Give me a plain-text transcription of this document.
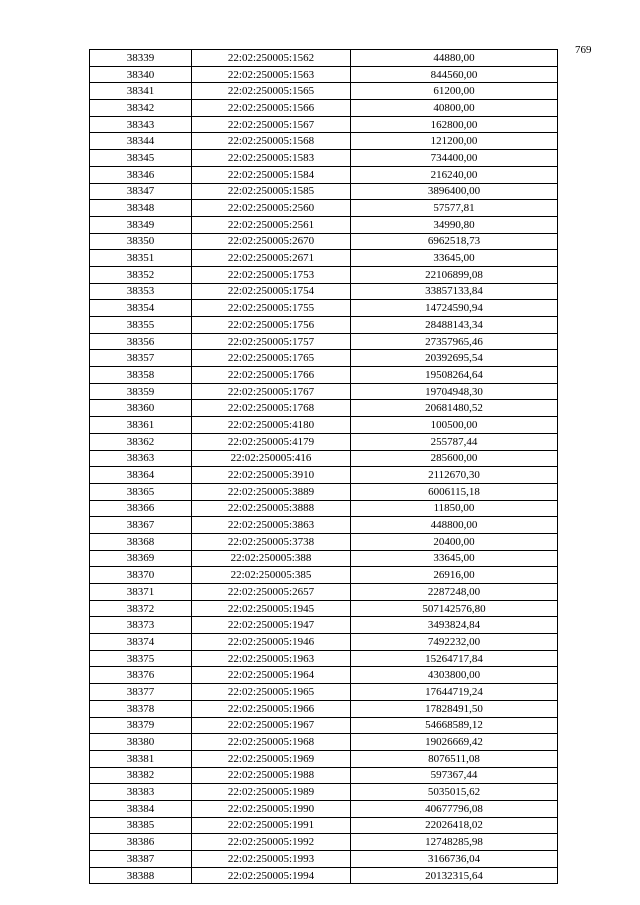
769
38339	22:02:250005:1562	44880,00
38340	22:02:250005:1563	844560,00
38341	22:02:250005:1565	61200,00
38342	22:02:250005:1566	40800,00
38343	22:02:250005:1567	162800,00
38344	22:02:250005:1568	121200,00
38345	22:02:250005:1583	734400,00
38346	22:02:250005:1584	216240,00
38347	22:02:250005:1585	3896400,00
38348	22:02:250005:2560	57577,81
38349	22:02:250005:2561	34990,80
38350	22:02:250005:2670	6962518,73
38351	22:02:250005:2671	33645,00
38352	22:02:250005:1753	22106899,08
38353	22:02:250005:1754	33857133,84
38354	22:02:250005:1755	14724590,94
38355	22:02:250005:1756	28488143,34
38356	22:02:250005:1757	27357965,46
38357	22:02:250005:1765	20392695,54
38358	22:02:250005:1766	19508264,64
38359	22:02:250005:1767	19704948,30
38360	22:02:250005:1768	20681480,52
38361	22:02:250005:4180	100500,00
38362	22:02:250005:4179	255787,44
38363	22:02:250005:416	285600,00
38364	22:02:250005:3910	2112670,30
38365	22:02:250005:3889	6006115,18
38366	22:02:250005:3888	11850,00
38367	22:02:250005:3863	448800,00
38368	22:02:250005:3738	20400,00
38369	22:02:250005:388	33645,00
38370	22:02:250005:385	26916,00
38371	22:02:250005:2657	2287248,00
38372	22:02:250005:1945	507142576,80
38373	22:02:250005:1947	3493824,84
38374	22:02:250005:1946	7492232,00
38375	22:02:250005:1963	15264717,84
38376	22:02:250005:1964	4303800,00
38377	22:02:250005:1965	17644719,24
38378	22:02:250005:1966	17828491,50
38379	22:02:250005:1967	54668589,12
38380	22:02:250005:1968	19026669,42
38381	22:02:250005:1969	8076511,08
38382	22:02:250005:1988	597367,44
38383	22:02:250005:1989	5035015,62
38384	22:02:250005:1990	40677796,08
38385	22:02:250005:1991	22026418,02
38386	22:02:250005:1992	12748285,98
38387	22:02:250005:1993	3166736,04
38388	22:02:250005:1994	20132315,64
